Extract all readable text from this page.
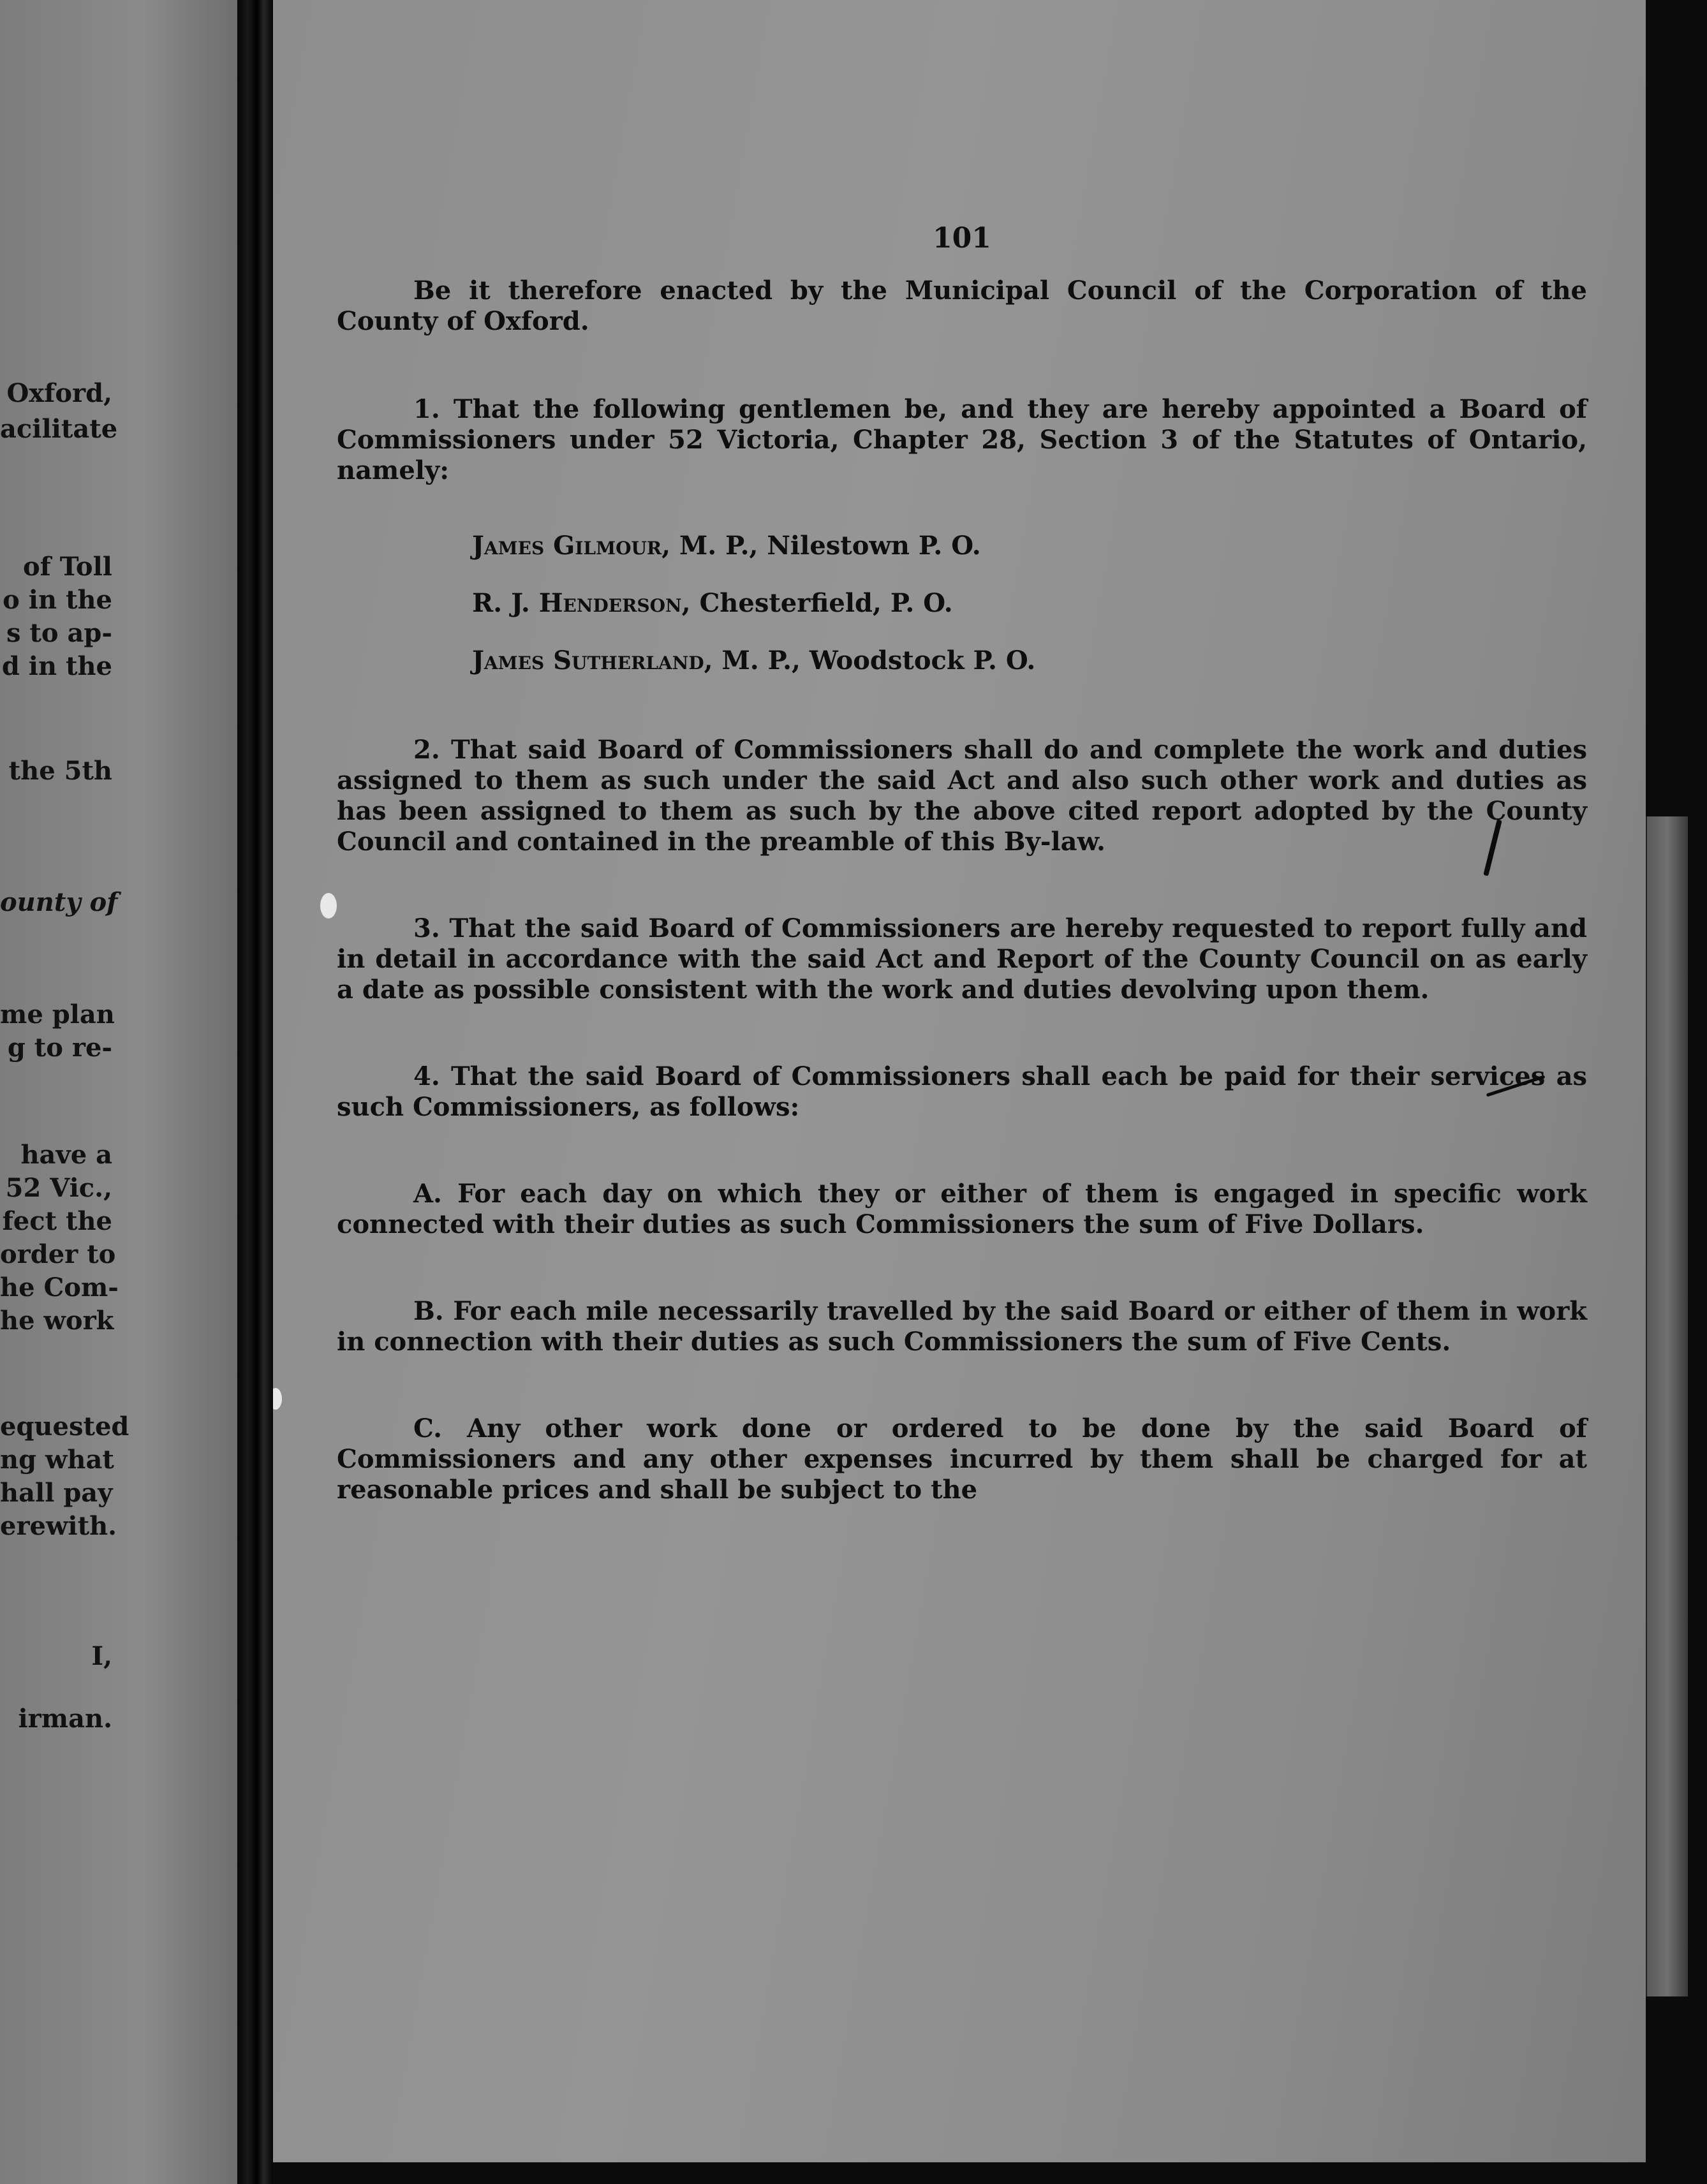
Oxford,
acilitate
of Toll
o in the
s to ap-
d in the
the 5th
ounty of
me plan
g to re-
have a
52 Vic.,
fect the
order to
he Com-
he work
equested
ng what
hall pay
erewith.
I,
irman.
101

Be it therefore enacted by the Municipal Council of the Corporation of the County of Oxford.

1. That the following gentlemen be, and they are hereby appointed a Board of Commissioners under 52 Victoria, Chapter 28, Section 3 of the Statutes of Ontario, namely:

James Gilmour, M. P., Nilestown P. O.
R. J. Henderson, Chesterfield, P. O.
James Sutherland, M. P., Woodstock P. O.

2. That said Board of Commissioners shall do and complete the work and duties assigned to them as such under the said Act and also such other work and duties as has been assigned to them as such by the above cited report adopted by the County Council and contained in the preamble of this By-law.

3. That the said Board of Commissioners are hereby requested to report fully and in detail in accordance with the said Act and Report of the County Council on as early a date as possible consistent with the work and duties devolving upon them.

4. That the said Board of Commissioners shall each be paid for their services as such Commissioners, as follows:

A. For each day on which they or either of them is engaged in specific work connected with their duties as such Commissioners the sum of Five Dollars.

B. For each mile necessarily travelled by the said Board or either of them in work in connection with their duties as such Commissioners the sum of Five Cents.

C. Any other work done or ordered to be done by the said Board of Commissioners and any other expenses incurred by them shall be charged for at reasonable prices and shall be subject to the
